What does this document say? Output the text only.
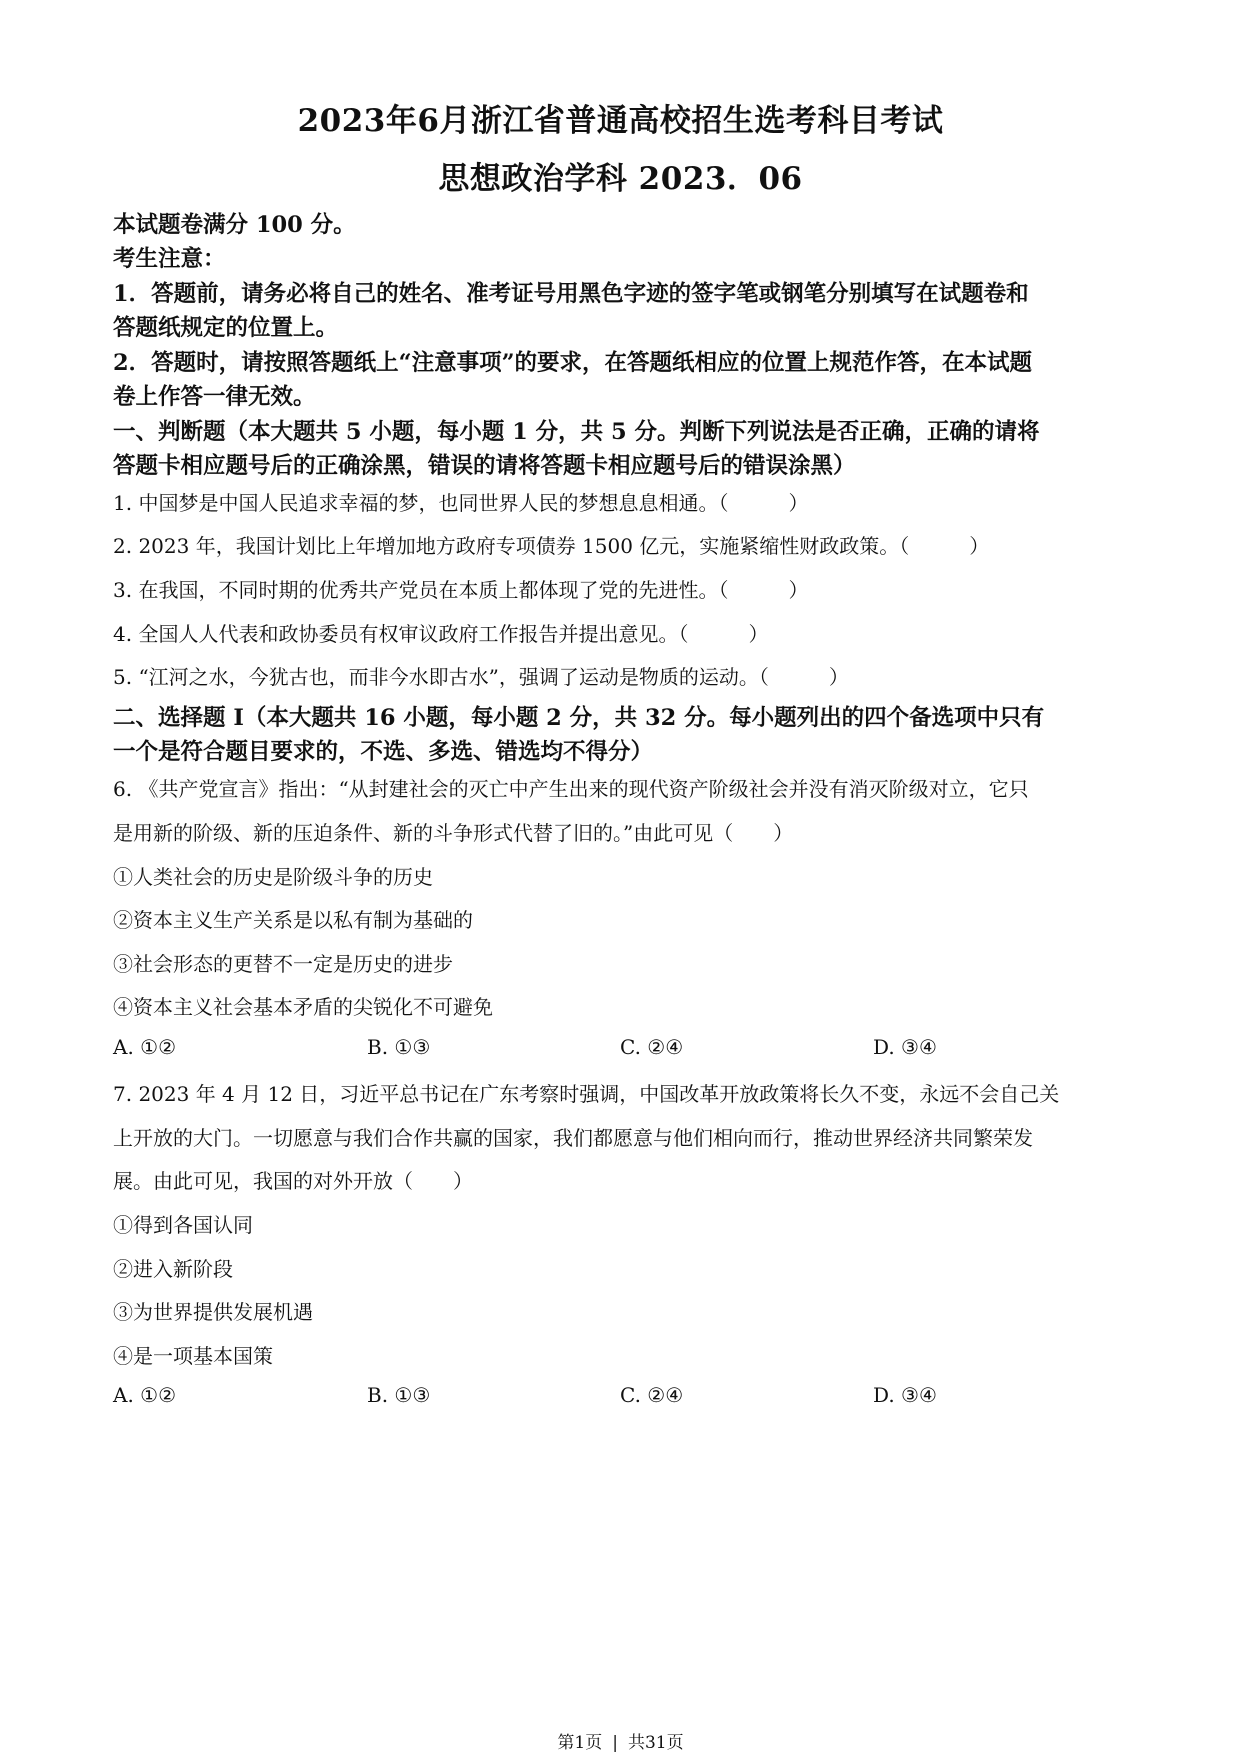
2023年6月浙江省普通高校招生选考科目考试
思想政治学科 2023．06
本试题卷满分 100 分。
考生注意：
1．答题前，请务必将自己的姓名、准考证号用黑色字迹的签字笔或钢笔分别填写在试题卷和
答题纸规定的位置上。
2．答题时，请按照答题纸上“注意事项”的要求，在答题纸相应的位置上规范作答，在本试题
卷上作答一律无效。
一、判断题（本大题共 5 小题，每小题 1 分，共 5 分。判断下列说法是否正确，正确的请将
答题卡相应题号后的正确涂黑，错误的请将答题卡相应题号后的错误涂黑）
1. 中国梦是中国人民追求幸福的梦，也同世界人民的梦想息息相通。（　　　）
2. 2023 年，我国计划比上年增加地方政府专项债券 1500 亿元，实施紧缩性财政政策。（　　　）
3. 在我国，不同时期的优秀共产党员在本质上都体现了党的先进性。（　　　）
4. 全国人人代表和政协委员有权审议政府工作报告并提出意见。（　　　）
5. “江河之水，今犹古也，而非今水即古水”，强调了运动是物质的运动。（　　　）
二、选择题 I（本大题共 16 小题，每小题 2 分，共 32 分。每小题列出的四个备选项中只有
一个是符合题目要求的，不选、多选、错选均不得分）
6. 《共产党宣言》指出：“从封建社会的灭亡中产生出来的现代资产阶级社会并没有消灭阶级对立，它只
是用新的阶级、新的压迫条件、新的斗争形式代替了旧的。”由此可见（　　）
①人类社会的历史是阶级斗争的历史
②资本主义生产关系是以私有制为基础的
③社会形态的更替不一定是历史的进步
④资本主义社会基本矛盾的尖锐化不可避免
A. ①②	B. ①③	C. ②④	D. ③④
7. 2023 年 4 月 12 日，习近平总书记在广东考察时强调，中国改革开放政策将长久不变，永远不会自己关
上开放的大门。一切愿意与我们合作共赢的国家，我们都愿意与他们相向而行，推动世界经济共同繁荣发
展。由此可见，我国的对外开放（　　）
①得到各国认同
②进入新阶段
③为世界提供发展机遇
④是一项基本国策
A. ①②	B. ①③	C. ②④	D. ③④
第1页 | 共31页
